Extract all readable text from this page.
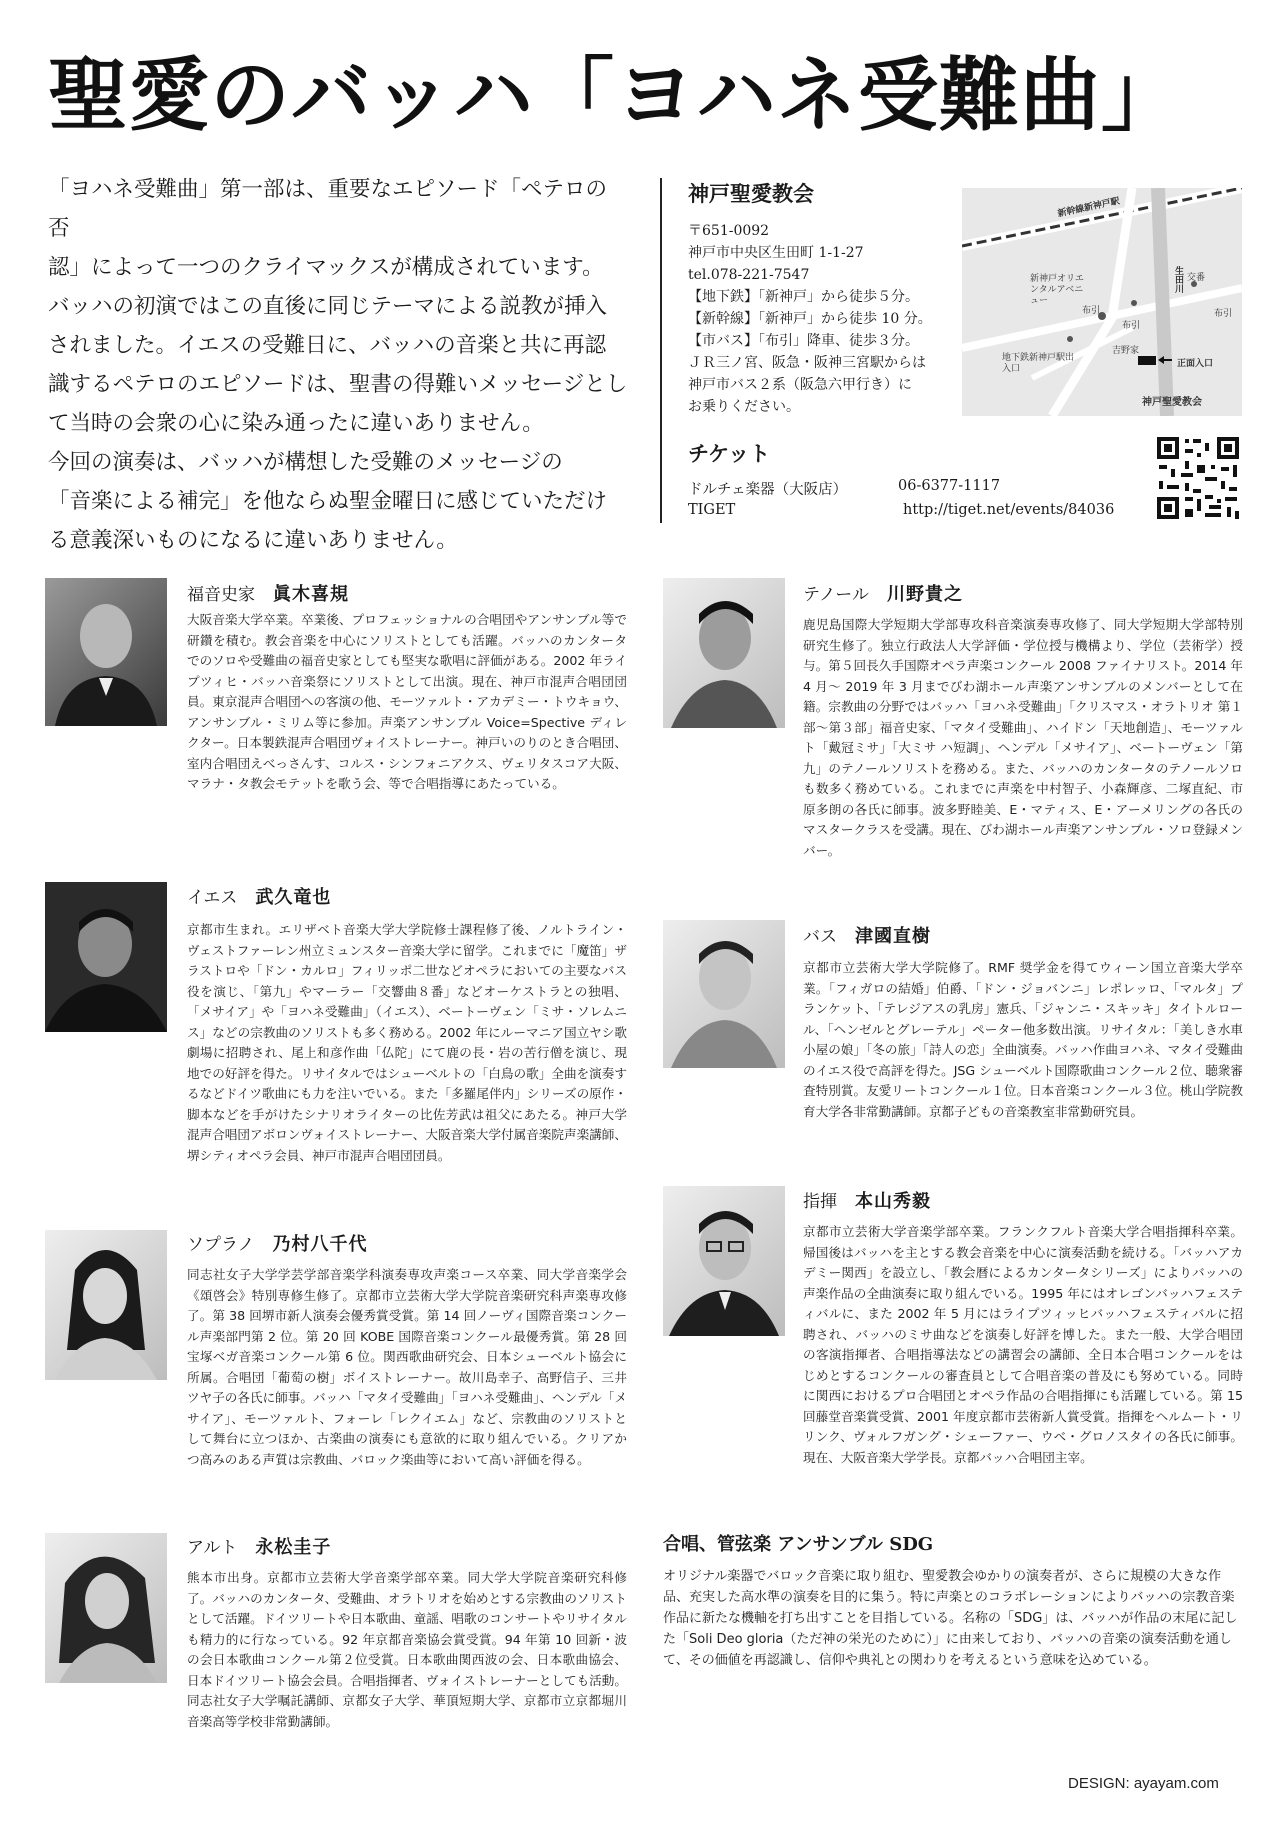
聖愛のバッハ「ヨハネ受難曲」

「ヨハネ受難曲」第一部は、重要なエピソード「ペテロの否

認」によって一つのクライマックスが構成されています。

バッハの初演ではこの直後に同じテーマによる説教が挿入

されました。イエスの受難日に、バッハの音楽と共に再認

識するペテロのエピソードは、聖書の得難いメッセージとし

て当時の会衆の心に染み通ったに違いありません。

今回の演奏は、バッハが構想した受難のメッセージの

「音楽による補完」を他ならぬ聖金曜日に感じていただけ

る意義深いものになるに違いありません。

神戸聖愛教会
〒651-0092
神戸市中央区生田町 1-1-27
tel.078-221-7547
【地下鉄】「新神戸」から徒歩５分。
【新幹線】「新神戸」から徒歩 10 分。
【市バス】「布引」降車、徒歩３分。
ＪＲ三ノ宮、阪急・阪神三宮駅からは
神戸市バス２系（阪急六甲行き）に
お乗りください。
新幹線新神戸駅
新神戸オリエンタルアベニュー
生田川 交番
布引	布引
布引
吉野家
地下鉄新神戸駅出入口	正面入口
神戸聖愛教会
チケット
ドルチェ楽器（大阪店）	06-6377-1117
TIGET	http://tiget.net/events/84036
福音史家 眞木喜規
大阪音楽大学卒業。卒業後、プロフェッショナルの合唱団やアンサンブル等で研鑽を積む。教会音楽を中心にソリストとしても活躍。バッハのカンタータでのソロや受難曲の福音史家としても堅実な歌唱に評価がある。2002 年ライプツィヒ・バッハ音楽祭にソリストとして出演。現在、神戸市混声合唱団団員。東京混声合唱団への客演の他、モーツァルト・アカデミー・トウキョウ、アンサンブル・ミリム等に参加。声楽アンサンブル Voice=Spective ディレクター。日本製鉄混声合唱団ヴォイストレーナー。神戸いのりのとき合唱団、室内合唱団えべっさんす、コルス・シンフォニアクス、ヴェリタスコア大阪、マラナ・タ教会モテットを歌う会、等で合唱指導にあたっている。
イエス 武久竜也
京都市生まれ。エリザベト音楽大学大学院修士課程修了後、ノルトライン・ヴェストファーレン州立ミュンスター音楽大学に留学。これまでに「魔笛」ザラストロや「ドン・カルロ」フィリッポ二世などオペラにおいての主要なバス役を演じ、「第九」やマーラー「交響曲８番」などオーケストラとの独唱、「メサイア」や「ヨハネ受難曲」（イエス）、ベートーヴェン「ミサ・ソレムニス」などの宗教曲のソリストも多く務める。2002 年にルーマニア国立ヤシ歌劇場に招聘され、尾上和彦作曲「仏陀」にて鹿の長・岩の苦行僧を演じ、現地での好評を得た。リサイタルではシューベルトの「白鳥の歌」全曲を演奏するなどドイツ歌曲にも力を注いでいる。また「多羅尾伴内」シリーズの原作・脚本などを手がけたシナリオライターの比佐芳武は祖父にあたる。神戸大学混声合唱団アボロンヴォイストレーナー、大阪音楽大学付属音楽院声楽講師、堺シティオペラ会員、神戸市混声合唱団団員。
ソプラノ 乃村八千代
同志社女子大学学芸学部音楽学科演奏専攻声楽コース卒業、同大学音楽学会《頌啓会》特別専修生修了。京都市立芸術大学大学院音楽研究科声楽専攻修了。第 38 回堺市新人演奏会優秀賞受賞。第 14 回ノーヴィ国際音楽コンクール声楽部門第 2 位。第 20 回 KOBE 国際音楽コンクール最優秀賞。第 28 回宝塚ベガ音楽コンクール第 6 位。関西歌曲研究会、日本シューベルト協会に所属。合唱団「葡萄の樹」ボイストレーナー。故川島幸子、高野信子、三井ツヤ子の各氏に師事。バッハ「マタイ受難曲」「ヨハネ受難曲」、ヘンデル「メサイア」、モーツァルト、フォーレ「レクイエム」など、宗教曲のソリストとして舞台に立つほか、古楽曲の演奏にも意欲的に取り組んでいる。クリアかつ高みのある声質は宗教曲、バロック楽曲等において高い評価を得る。
アルト 永松圭子
熊本市出身。京都市立芸術大学音楽学部卒業。同大学大学院音楽研究科修了。バッハのカンタータ、受難曲、オラトリオを始めとする宗教曲のソリストとして活躍。ドイツリートや日本歌曲、童謡、唱歌のコンサートやリサイタルも精力的に行なっている。92 年京都音楽協会賞受賞。94 年第 10 回新・波の会日本歌曲コンクール第２位受賞。日本歌曲関西波の会、日本歌曲協会、日本ドイツリート協会会員。合唱指揮者、ヴォイストレーナーとしても活動。同志社女子大学嘱託講師、京都女子大学、華頂短期大学、京都市立京都堀川音楽高等学校非常勤講師。
テノール 川野貴之
鹿児島国際大学短期大学部専攻科音楽演奏専攻修了、同大学短期大学部特別研究生修了。独立行政法人大学評価・学位授与機構より、学位（芸術学）授与。第５回長久手国際オペラ声楽コンクール 2008 ファイナリスト。2014 年 4 月〜 2019 年 3 月までびわ湖ホール声楽アンサンブルのメンバーとして在籍。宗教曲の分野ではバッハ「ヨハネ受難曲」「クリスマス・オラトリオ 第１部〜第３部」福音史家、「マタイ受難曲」、ハイドン「天地創造」、モーツァルト「戴冠ミサ」「大ミサ ハ短調」、ヘンデル「メサイア」、ベートーヴェン「第九」のテノールソリストを務める。また、バッハのカンタータのテノールソロも数多く務めている。これまでに声楽を中村智子、小森輝彦、二塚直紀、市原多朗の各氏に師事。波多野睦美、E・マティス、E・アーメリングの各氏のマスタークラスを受講。現在、びわ湖ホール声楽アンサンブル・ソロ登録メンバー。
バス 津國直樹
京都市立芸術大学大学院修了。RMF 奨学金を得てウィーン国立音楽大学卒業。「フィガロの結婚」伯爵、「ドン・ジョバンニ」レポレッロ、「マルタ」プランケット、「テレジアスの乳房」憲兵、「ジャンニ・スキッキ」タイトルロール、「ヘンゼルとグレーテル」ペーター他多数出演。リサイタル：「美しき水車小屋の娘」「冬の旅」「詩人の恋」全曲演奏。バッハ作曲ヨハネ、マタイ受難曲のイエス役で高評を得た。JSG シューベルト国際歌曲コンクール２位、聴衆審査特別賞。友愛リートコンクール１位。日本音楽コンクール３位。桃山学院教育大学各非常勤講師。京都子どもの音楽教室非常勤研究員。
指揮 本山秀毅
京都市立芸術大学音楽学部卒業。フランクフルト音楽大学合唱指揮科卒業。帰国後はバッハを主とする教会音楽を中心に演奏活動を続ける。「バッハアカデミー関西」を設立し、「教会暦によるカンタータシリーズ」によりバッハの声楽作品の全曲演奏に取り組んでいる。1995 年にはオレゴンバッハフェスティバルに、また 2002 年 5 月にはライプツィッヒバッハフェスティバルに招聘され、バッハのミサ曲などを演奏し好評を博した。また一般、大学合唱団の客演指揮者、合唱指導法などの講習会の講師、全日本合唱コンクールをはじめとするコンクールの審査員として合唱音楽の普及にも努めている。同時に関西におけるプロ合唱団とオペラ作品の合唱指揮にも活躍している。第 15 回藤堂音楽賞受賞、2001 年度京都市芸術新人賞受賞。指揮をヘルムート・リリンク、ヴォルフガング・シェーファー、ウベ・グロノスタイの各氏に師事。現在、大阪音楽大学学長。京都バッハ合唱団主宰。
合唱、管弦楽 アンサンブル SDG
オリジナル楽器でバロック音楽に取り組む、聖愛教会ゆかりの演奏者が、さらに規模の大きな作品、充実した高水準の演奏を目的に集う。特に声楽とのコラボレーションによりバッハの宗教音楽作品に新たな機軸を打ち出すことを目指している。名称の「SDG」は、バッハが作品の末尾に記した「Soli Deo gloria（ただ神の栄光のために）」に由来しており、バッハの音楽の演奏活動を通して、その価値を再認識し、信仰や典礼との関わりを考えるという意味を込めている。
DESIGN: ayayam.com
